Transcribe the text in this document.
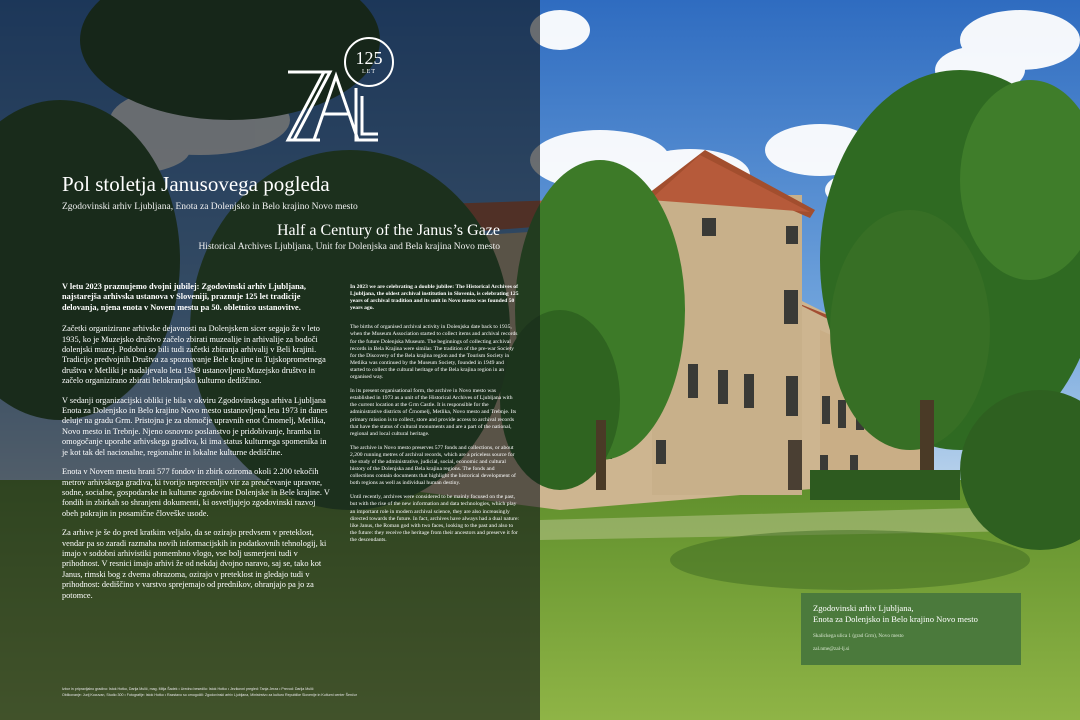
125
LET
Pol stoletja Janusovega pogleda
Zgodovinski arhiv Ljubljana, Enota za Dolenjsko in Belo krajino Novo mesto
Half a Century of the Janus’s Gaze
Historical Archives Ljubljana, Unit for Dolenjska and Bela krajina Novo mesto

V letu 2023 praznujemo dvojni jubilej: Zgodovinski arhiv Ljubljana, najstarejša arhivska ustanova v Sloveniji, praznuje 125 let tradicije delovanja, njena enota v Novem mestu pa 50. obletnico ustanovitve.

Začetki organizirane arhivske dejavnosti na Dolenjskem sicer segajo že v leto 1935, ko je Muzejsko društvo začelo zbirati muzealije in arhivalije za bodoči dolenjski muzej. Podobni so bili tudi začetki zbiranja arhivalij v Beli krajini. Tradicijo predvojnih Društva za spoznavanje Bele krajine in Tujskoprometnega društva v Metliki je nadaljevalo leta 1949 ustanovljeno Muzejsko društvo in začelo organizirano zbirati belokranjsko kulturno dediščino.

V sedanji organizacijski obliki je bila v okviru Zgodovinskega arhiva Ljubljana Enota za Dolenjsko in Belo krajino Novo mesto ustanovljena leta 1973 in danes deluje na gradu Grm. Pristojna je za območje upravnih enot Črnomelj, Metlika, Novo mesto in Trebnje. Njeno osnovno poslanstvo je pridobivanje, hramba in omogočanje uporabe arhivskega gradiva, ki ima status kulturnega spomenika in je kot tak del nacionalne, regionalne in lokalne kulturne dediščine.

Enota v Novem mestu hrani 577 fondov in zbirk oziroma okoli 2.200 tekočih metrov arhivskega gradiva, ki tvorijo neprecenljiv vir za preučevanje upravne, sodne, socialne, gospodarske in kulturne zgodovine Dolenjske in Bele krajine. V fondih in zbirkah so shranjeni dokumenti, ki osvetljujejo zgodovinski razvoj obeh pokrajin in posamične človeške usode.

Za arhive je še do pred kratkim veljalo, da se ozirajo predvsem v preteklost, vendar pa so zaradi razmaha novih informacijskih in podatkovnih tehnologij, ki imajo v sodobni arhivistiki pomembno vlogo, vse bolj usmerjeni tudi v prihodnost. V resnici imajo arhivi že od nekdaj dvojno naravo, saj se, tako kot Janus, rimski bog z dvema obrazoma, ozirajo v preteklost in gledajo tudi v prihodnost: dediščino v varstvo sprejemajo od prednikov, ohranjajo pa jo za potomce.

In 2023 we are celebrating a double jubilee: The Historical Archives of Ljubljana, the oldest archival institution in Slovenia, is celebrating 125 years of archival tradition and its unit in Novo mesto was founded 50 years ago.

The births of organised archival activity in Dolenjska date back to 1935, when the Museum Association started to collect items and archival records for the future Dolenjska Museum. The beginnings of collecting archival records in Bela Krajina were similar. The tradition of the pre-war Society for the Discovery of the Bela krajina region and the Tourism Society in Metlika was continued by the Museum Society, founded in 1949 and started to collect the cultural heritage of the Bela krajina region in an organised way.

In its present organisational form, the archive in Novo mesto was established in 1973 as a unit of the Historical Archives of Ljubljana with the current location at the Grm Castle. It is responsible for the administrative districts of Črnomelj, Metlika, Novo mesto and Trebnje. Its primary mission is to collect, store and provide access to archival records that have the status of cultural monuments and are a part of the national, regional and local cultural heritage.

The archive in Novo mesto preserves 577 fonds and collections, or about 2,200 running metres of archival records, which are a priceless source for the study of the administrative, judicial, social, economic and cultural history of the Dolenjska and Bela krajina regions. The fonds and collections contain documents that highlight the historical development of both regions as well as individual human destiny.

Until recently, archives were considered to be mainly focused on the past, but with the rise of the new information and data technologies, which play an important role in modern archival science, they are also increasingly directed towards the future. In fact, archives have always had a dual nature: like Janus, the Roman god with two faces, looking to the past and also to the future: they receive the heritage from their ancestors and preserve it for the descendants.

Izbor in pripravljalno gradivo: Istok Hotko, Darija Mulič, mag. Mitja Šadek • Uredno besedilo: Istok Hotko • Jezikovni pregled: Tanja Jerza • Prevod: Darija Mulič
Oblikovanje: Jurij Kocuvan, Studio 300 • Fotografije: Istok Hotko • Razstavo so omogočili: Zgodovinski arhiv Ljubljana, Ministrstvo za kulturo Republike Slovenije in Kulturni center Šenčur
Zgodovinski arhiv Ljubljana,
Enota za Dolenjsko in Belo krajino Novo mesto
Skalickega ulica 1 (grad Grm), Novo mesto
zal.nme@zal-lj.si
